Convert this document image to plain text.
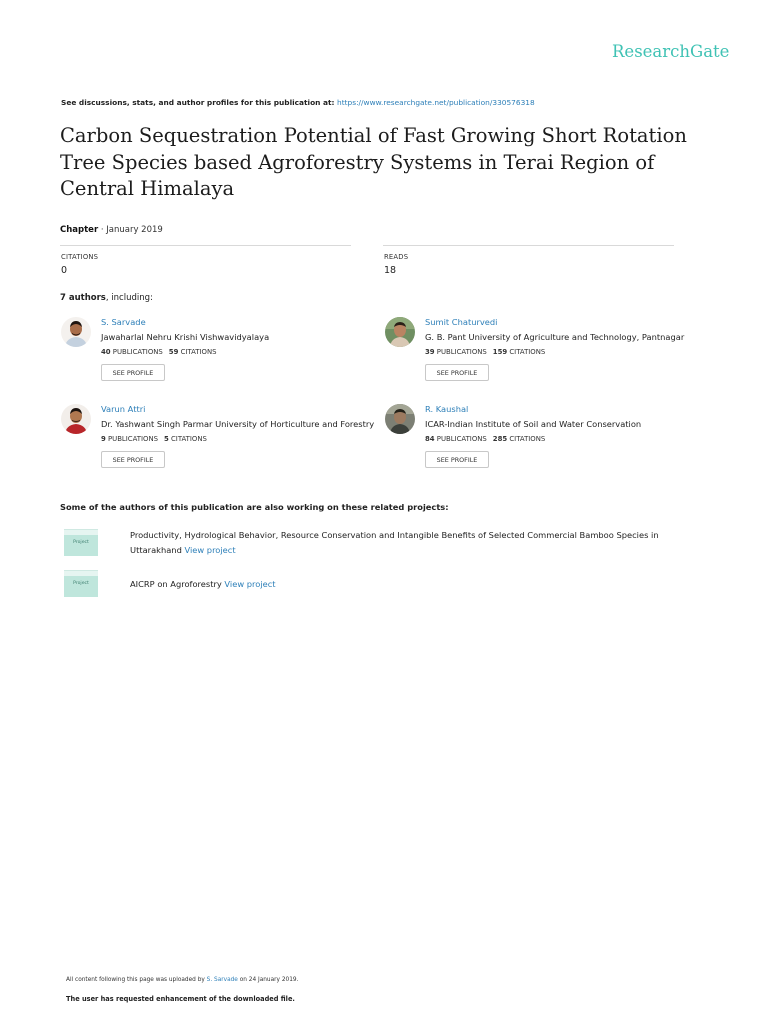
ResearchGate
See discussions, stats, and author profiles for this publication at: https://www.researchgate.net/publication/330576318
Carbon Sequestration Potential of Fast Growing Short Rotation Tree Species based Agroforestry Systems in Terai Region of Central Himalaya
Chapter · January 2019
CITATIONS
0
READS
18
7 authors, including:
S. Sarvade
Jawaharlal Nehru Krishi Vishwavidyalaya
40 PUBLICATIONS 59 CITATIONS
SEE PROFILE
Sumit Chaturvedi
G. B. Pant University of Agriculture and Technology, Pantnagar
39 PUBLICATIONS 159 CITATIONS
SEE PROFILE
Varun Attri
Dr. Yashwant Singh Parmar University of Horticulture and Forestry
9 PUBLICATIONS 5 CITATIONS
SEE PROFILE
R. Kaushal
ICAR-Indian Institute of Soil and Water Conservation
84 PUBLICATIONS 285 CITATIONS
SEE PROFILE
Some of the authors of this publication are also working on these related projects:
Project
Productivity, Hydrological Behavior, Resource Conservation and Intangible Benefits of Selected Commercial Bamboo Species in
Uttarakhand View project
Project	AICRP on Agroforestry View project
All content following this page was uploaded by S. Sarvade on 24 January 2019.
The user has requested enhancement of the downloaded file.
